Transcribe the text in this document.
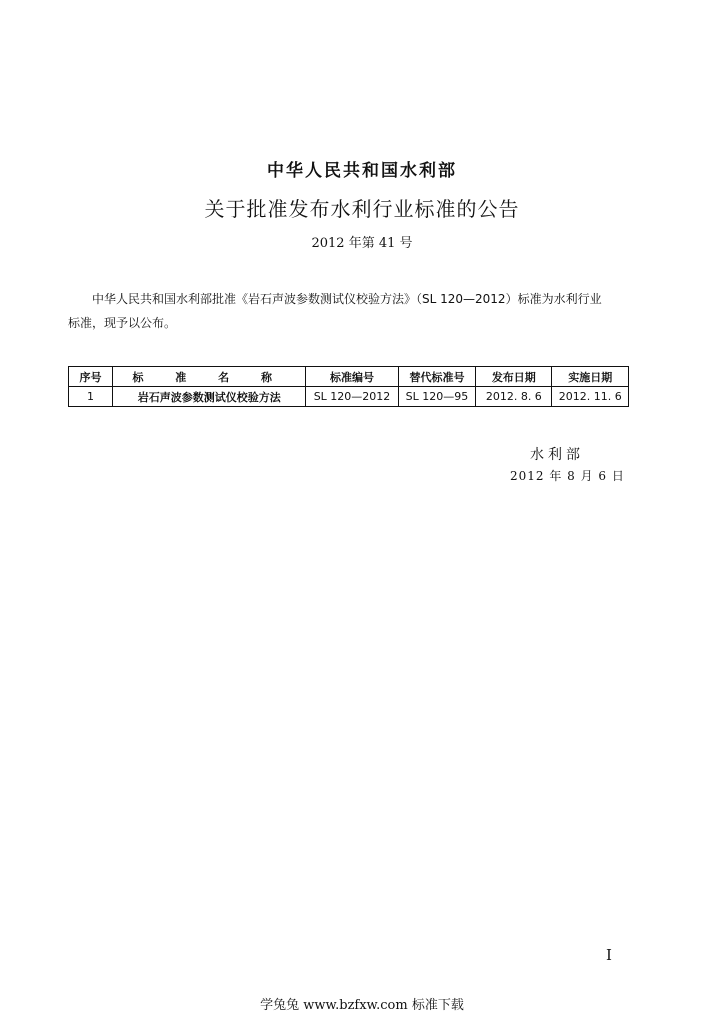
中华人民共和国水利部
关于批准发布水利行业标准的公告
2012 年第 41 号
中华人民共和国水利部批准《岩石声波参数测试仪校验方法》（SL 120—2012）标准为水利行业
标准，现予以公布。
序号	标 准 名 称	标准编号	替代标准号	发布日期	实施日期
1	岩石声波参数测试仪校验方法	SL 120—2012	SL 120—95	2012. 8. 6	2012. 11. 6
水利部
2012 年 8 月 6 日
I
学兔兔 www.bzfxw.com 标准下载
